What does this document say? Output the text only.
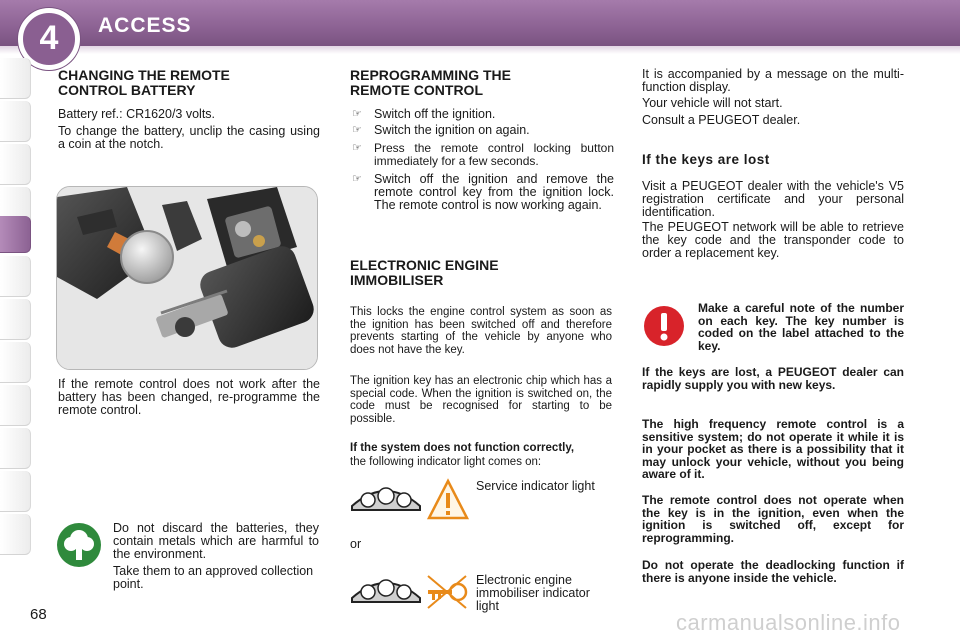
4	ACCESS
CHANGING THE REMOTE
CONTROL BATTERY

Battery ref.: CR1620/3 volts.

To change the battery, unclip the casing using a coin at the notch.

If the remote control does not work after the battery has been changed, re-programme the remote control.

Do not discard the batteries, they contain metals which are harmful to the environment.

Take them to an approved collection point.

REPROGRAMMING THE
REMOTE CONTROL
☞ Switch off the ignition.
☞ Switch the ignition on again.
☞	Press the remote control locking button immediately for a few seconds.
☞ Switch off the ignition and remove the remote control key from the ignition lock. The remote control is now working again.
ELECTRONIC ENGINE
IMMOBILISER

This locks the engine control system as soon as the ignition has been switched off and therefore prevents starting of the vehicle by anyone who does not have the key.

The ignition key has an electronic chip which has a special code. When the ignition is switched on, the code must be recognised for starting to be possible.

If the system does not function correctly,

the following indicator light comes on:

Service indicator light

or

Electronic engine immobiliser indicator light

It is accompanied by a message on the multi-function display.

Your vehicle will not start.

Consult a PEUGEOT dealer.

If the keys are lost

Visit a PEUGEOT dealer with the vehicle's V5 registration certificate and your personal identification.

The PEUGEOT network will be able to retrieve the key code and the transponder code to order a replacement key.

Make a careful note of the number on each key. The key number is coded on the label attached to the key.

If the keys are lost, a PEUGEOT dealer can rapidly supply you with new keys.

The high frequency remote control is a sensitive system; do not operate it while it is in your pocket as there is a possibility that it may unlock your vehicle, without you being aware of it.

The remote control does not operate when the key is in the ignition, even when the ignition is switched off, except for reprogramming.

Do not operate the deadlocking function if there is anyone inside the vehicle.

68	carmanualsonline.info
